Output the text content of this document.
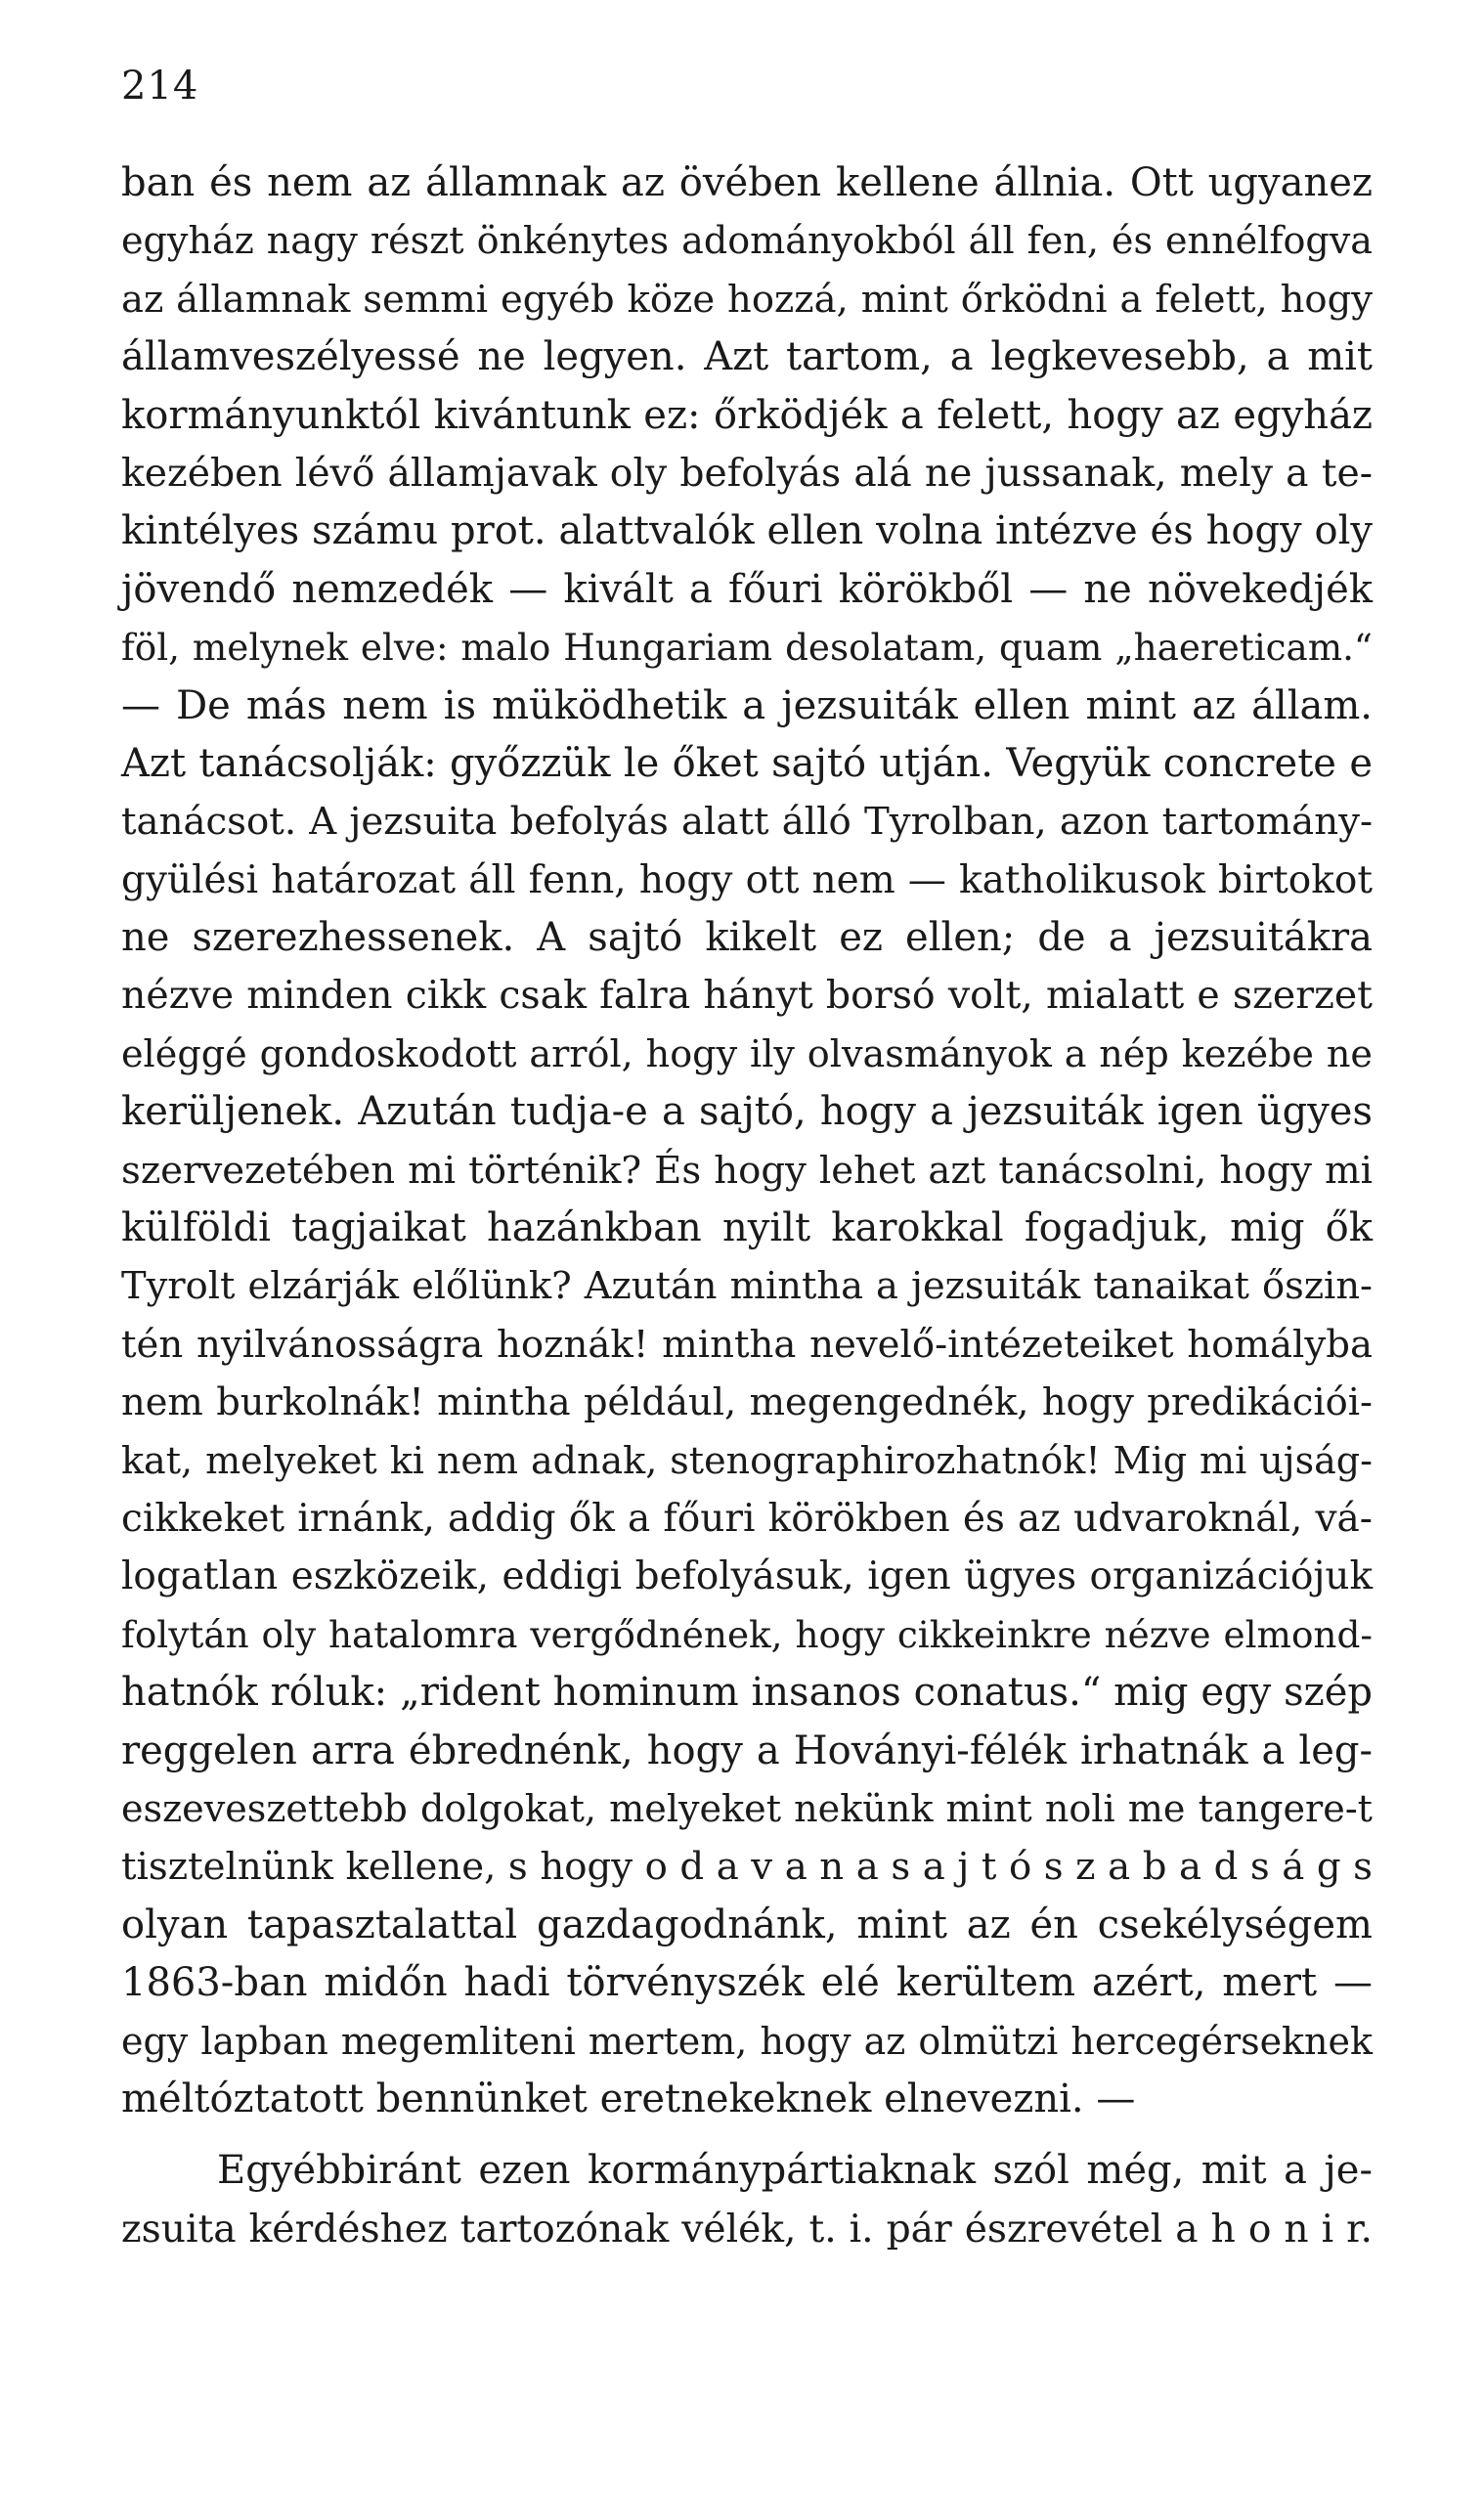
214
ban és nem az államnak az övében kellene állnia. Ott ugyanez
egyház nagy részt önkénytes adományokból áll fen, és ennélfogva
az államnak semmi egyéb köze hozzá, mint őrködni a felett, hogy
államveszélyessé ne legyen. Azt tartom, a legkevesebb, a mit
kormányunktól kivántunk ez: őrködjék a felett, hogy az egyház
kezében lévő államjavak oly befolyás alá ne jussanak, mely a te-
kintélyes számu prot. alattvalók ellen volna intézve és hogy oly
jövendő nemzedék — kivált a főuri körökből — ne növekedjék
föl, melynek elve: malo Hungariam desolatam, quam „haereticam.“
— De más nem is müködhetik a jezsuiták ellen mint az állam.
Azt tanácsolják: győzzük le őket sajtó utján. Vegyük concrete e
tanácsot. A jezsuita befolyás alatt álló Tyrolban, azon tartomány-
gyülési határozat áll fenn, hogy ott nem — katholikusok birtokot
ne szerezhessenek. A sajtó kikelt ez ellen; de a jezsuitákra
nézve minden cikk csak falra hányt borsó volt, mialatt e szerzet
eléggé gondoskodott arról, hogy ily olvasmányok a nép kezébe ne
kerüljenek. Azután tudja-e a sajtó, hogy a jezsuiták igen ügyes
szervezetében mi történik? És hogy lehet azt tanácsolni, hogy mi
külföldi tagjaikat hazánkban nyilt karokkal fogadjuk, mig ők
Tyrolt elzárják előlünk? Azután mintha a jezsuiták tanaikat őszin-
tén nyilvánosságra hoznák! mintha nevelő-intézeteiket homályba
nem burkolnák! mintha például, megengednék, hogy predikációi-
kat, melyeket ki nem adnak, stenographirozhatnók! Mig mi ujság-
cikkeket irnánk, addig ők a főuri körökben és az udvaroknál, vá-
logatlan eszközeik, eddigi befolyásuk, igen ügyes organizációjuk
folytán oly hatalomra vergődnének, hogy cikkeinkre nézve elmond-
hatnók róluk: „rident hominum insanos conatus.“ mig egy szép
reggelen arra ébrednénk, hogy a Hoványi-félék irhatnák a leg-
eszeveszettebb dolgokat, melyeket nekünk mint noli me tangere-t
tisztelnünk kellene, s hogy o d a v a n a s a j t ó s z a b a d s á g s
olyan tapasztalattal gazdagodnánk, mint az én csekélységem
1863-ban midőn hadi törvényszék elé kerültem azért, mert —
egy lapban megemliteni mertem, hogy az olmützi hercegérseknek
méltóztatott bennünket eretnekeknek elnevezni. —
Egyébbiránt ezen kormánypártiaknak szól még, mit a je-
zsuita kérdéshez tartozónak vélék, t. i. pár észrevétel a h o n i r.
